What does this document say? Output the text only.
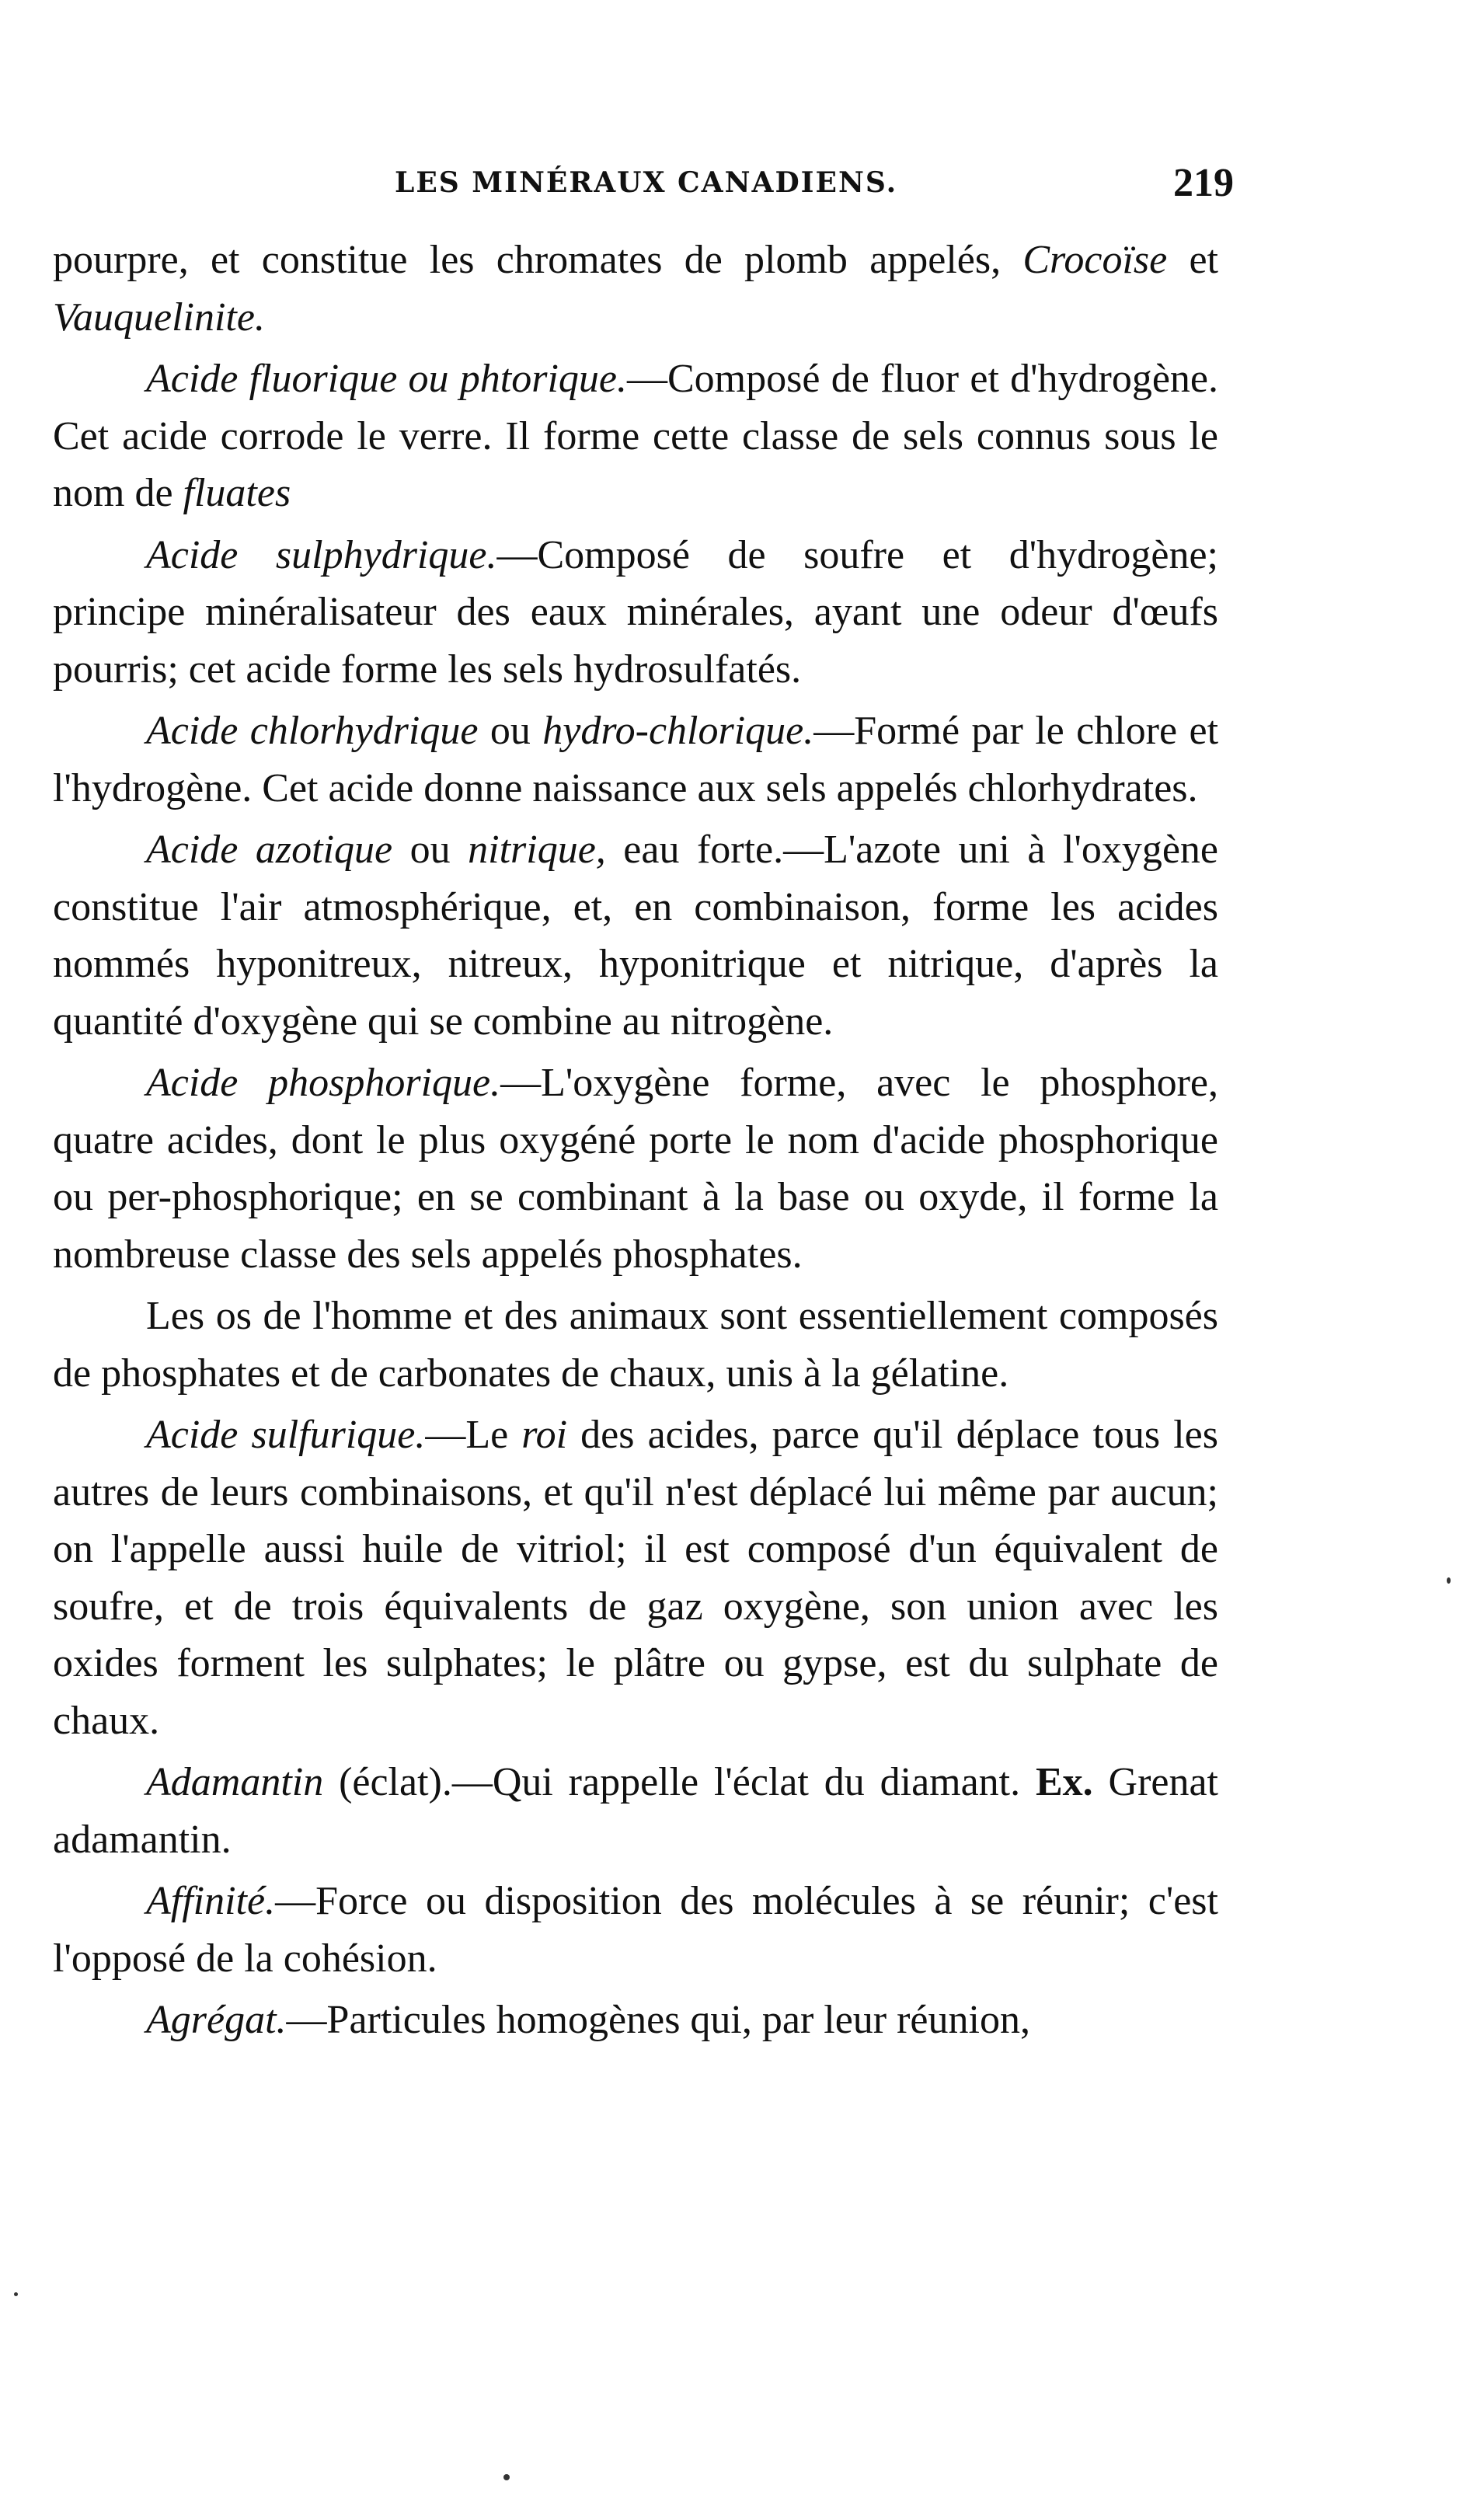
LES MINÉRAUX CANADIENS.	219

pourpre, et constitue les chromates de plomb appelés, Crocoïse et Vauquelinite.

Acide fluorique ou phtorique.—Composé de fluor et d'hydrogène. Cet acide corrode le verre. Il forme cette classe de sels connus sous le nom de fluates

Acide sulphydrique.—Composé de soufre et d'hydrogène; principe minéralisateur des eaux minérales, ayant une odeur d'œufs pourris; cet acide forme les sels hydrosulfatés.

Acide chlorhydrique ou hydro-chlorique.—Formé par le chlore et l'hydrogène. Cet acide donne naissance aux sels appelés chlorhydrates.

Acide azotique ou nitrique, eau forte.—L'azote uni à l'oxygène constitue l'air atmosphérique, et, en combinaison, forme les acides nommés hyponitreux, nitreux, hyponitrique et nitrique, d'après la quantité d'oxygène qui se combine au nitrogène.

Acide phosphorique.—L'oxygène forme, avec le phosphore, quatre acides, dont le plus oxygéné porte le nom d'acide phosphorique ou per-phosphorique; en se combinant à la base ou oxyde, il forme la nombreuse classe des sels appelés phosphates.

Les os de l'homme et des animaux sont essentiellement composés de phosphates et de carbonates de chaux, unis à la gélatine.

Acide sulfurique.—Le roi des acides, parce qu'il déplace tous les autres de leurs combinaisons, et qu'il n'est déplacé lui même par aucun; on l'appelle aussi huile de vitriol; il est composé d'un équivalent de soufre, et de trois équivalents de gaz oxygène, son union avec les oxides forment les sulphates; le plâtre ou gypse, est du sulphate de chaux.

Adamantin (éclat).—Qui rappelle l'éclat du diamant. Ex. Grenat adamantin.

Affinité.—Force ou disposition des molécules à se réunir; c'est l'opposé de la cohésion.

Agrégat.—Particules homogènes qui, par leur réunion,
